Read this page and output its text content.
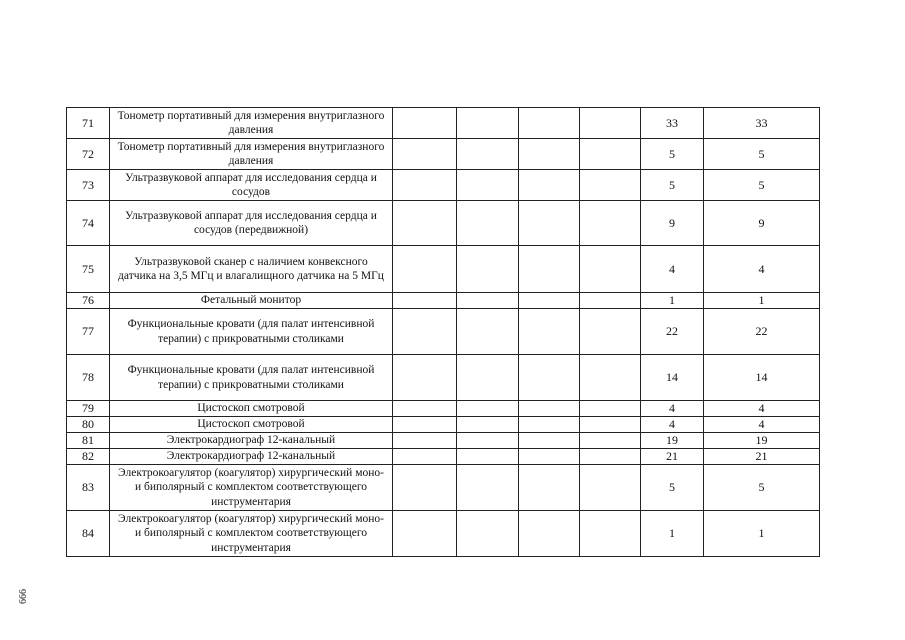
71	Тонометр портативный для измерения внутриглазного давления					33	33
72	Тонометр портативный для измерения внутриглазного давления					5	5
73	Ультразвуковой аппарат для исследования сердца и сосудов					5	5
74	Ультразвуковой аппарат для исследования сердца и сосудов (передвижной)					9	9
75	Ультразвуковой сканер с наличием конвексного датчика на 3,5 МГц и влагалищного датчика на 5 МГц					4	4
76	Фетальный монитор					1	1
77	Функциональные кровати (для палат интенсивной терапии) с прикроватными столиками					22	22
78	Функциональные кровати (для палат интенсивной терапии) с прикроватными столиками					14	14
79	Цистоскоп смотровой					4	4
80	Цистоскоп смотровой					4	4
81	Электрокардиограф 12-канальный					19	19
82	Электрокардиограф 12-канальный					21	21
83	Электрокоагулятор (коагулятор) хирургический моно- и биполярный с комплектом соответствующего инструментария					5	5
84	Электрокоагулятор (коагулятор) хирургический моно- и биполярный с комплектом соответствующего инструментария					1	1
666
